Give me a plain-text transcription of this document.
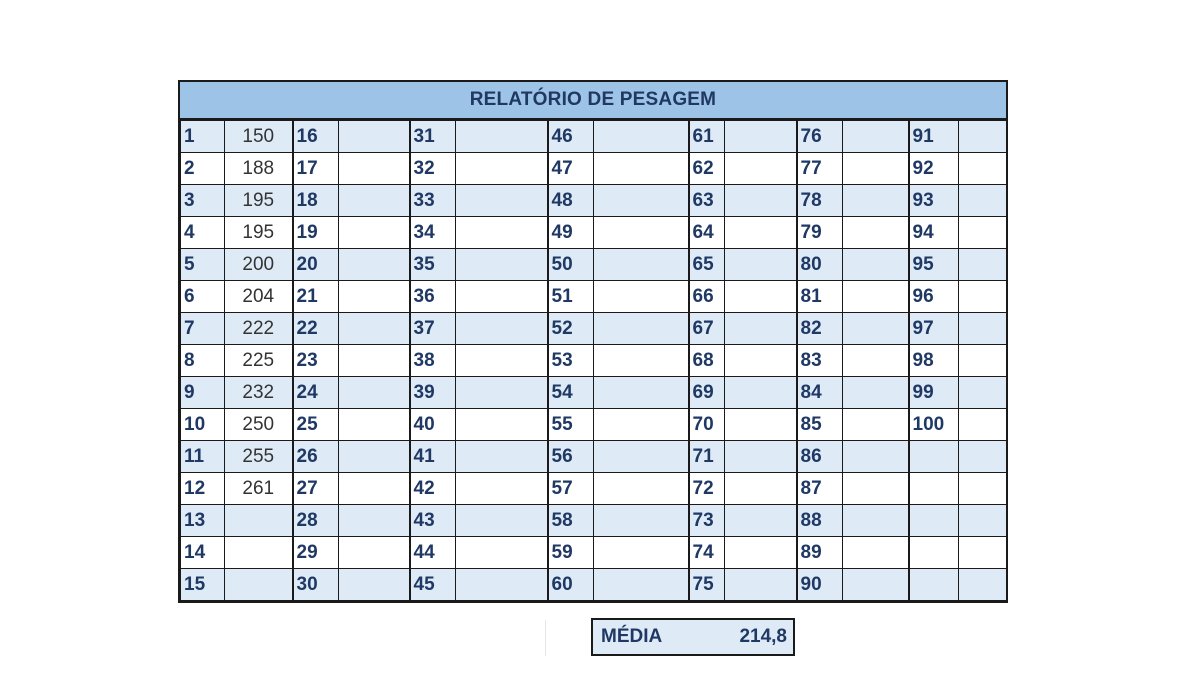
RELATÓRIO DE PESAGEM
1	150	16		31		46		61		76		91	
2	188	17		32		47		62		77		92	
3	195	18		33		48		63		78		93	
4	195	19		34		49		64		79		94	
5	200	20		35		50		65		80		95	
6	204	21		36		51		66		81		96	
7	222	22		37		52		67		82		97	
8	225	23		38		53		68		83		98	
9	232	24		39		54		69		84		99	
10	250	25		40		55		70		85		100	
11	255	26		41		56		71		86			
12	261	27		42		57		72		87			
13		28		43		58		73		88			
14		29		44		59		74		89			
15		30		45		60		75		90			
MÉDIA	214,8
